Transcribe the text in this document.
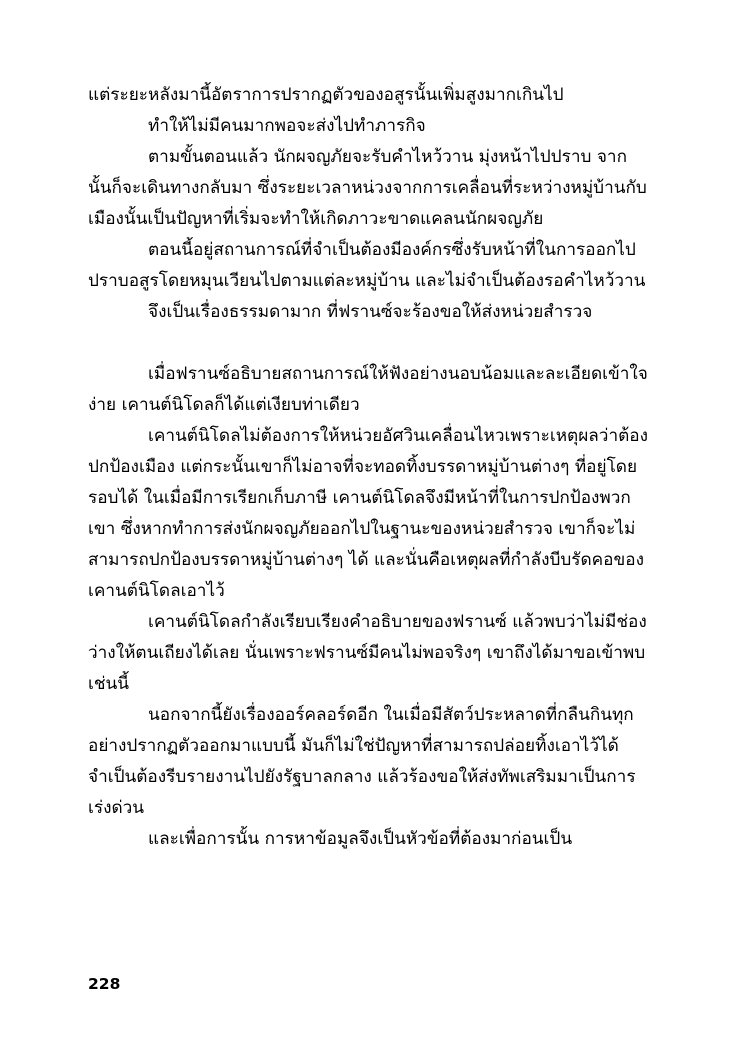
แต่ระยะหลังมานี้อัตราการปรากฏตัวของอสูรนั้นเพิ่มสูงมากเกินไป

ทำให้ไม่มีคนมากพอจะส่งไปทำภารกิจ

ตามขั้นตอนแล้ว นักผจญภัยจะรับคำไหว้วาน มุ่งหน้าไปปราบ จากนั้นก็จะเดินทางกลับมา ซึ่งระยะเวลาหน่วงจากการเคลื่อนที่ระหว่างหมู่บ้านกับเมืองนั้นเป็นปัญหาที่เริ่มจะทำให้เกิดภาวะขาดแคลนนักผจญภัย

ตอนนี้อยู่สถานการณ์ที่จำเป็นต้องมีองค์กรซึ่งรับหน้าที่ในการออกไปปราบอสูรโดยหมุนเวียนไปตามแต่ละหมู่บ้าน และไม่จำเป็นต้องรอคำไหว้วาน

จึงเป็นเรื่องธรรมดามาก ที่ฟรานซ์จะร้องขอให้ส่งหน่วยสำรวจ

เมื่อฟรานซ์อธิบายสถานการณ์ให้ฟังอย่างนอบน้อมและละเอียดเข้าใจง่าย เคานต์นิโดลก็ได้แต่เงียบท่าเดียว

เคานต์นิโดลไม่ต้องการให้หน่วยอัศวินเคลื่อนไหวเพราะเหตุผลว่าต้องปกป้องเมือง แต่กระนั้นเขาก็ไม่อาจที่จะทอดทิ้งบรรดาหมู่บ้านต่างๆ ที่อยู่โดยรอบได้ ในเมื่อมีการเรียกเก็บภาษี เคานต์นิโดลจึงมีหน้าที่ในการปกป้องพวกเขา ซึ่งหากทำการส่งนักผจญภัยออกไปในฐานะของหน่วยสำรวจ เขาก็จะไม่สามารถปกป้องบรรดาหมู่บ้านต่างๆ ได้ และนั่นคือเหตุผลที่กำลังบีบรัดคอของเคานต์นิโดลเอาไว้

เคานต์นิโดลกำลังเรียบเรียงคำอธิบายของฟรานซ์ แล้วพบว่าไม่มีช่องว่างให้ตนเถียงได้เลย นั่นเพราะฟรานซ์มีคนไม่พอจริงๆ เขาถึงได้มาขอเข้าพบเช่นนี้

นอกจากนี้ยังเรื่องออร์คลอร์ดอีก ในเมื่อมีสัตว์ประหลาดที่กลืนกินทุกอย่างปรากฏตัวออกมาแบบนี้ มันก็ไม่ใช่ปัญหาที่สามารถปล่อยทิ้งเอาไว้ได้ จำเป็นต้องรีบรายงานไปยังรัฐบาลกลาง แล้วร้องขอให้ส่งทัพเสริมมาเป็นการเร่งด่วน

และเพื่อการนั้น การหาข้อมูลจึงเป็นหัวข้อที่ต้องมาก่อนเป็น

228
